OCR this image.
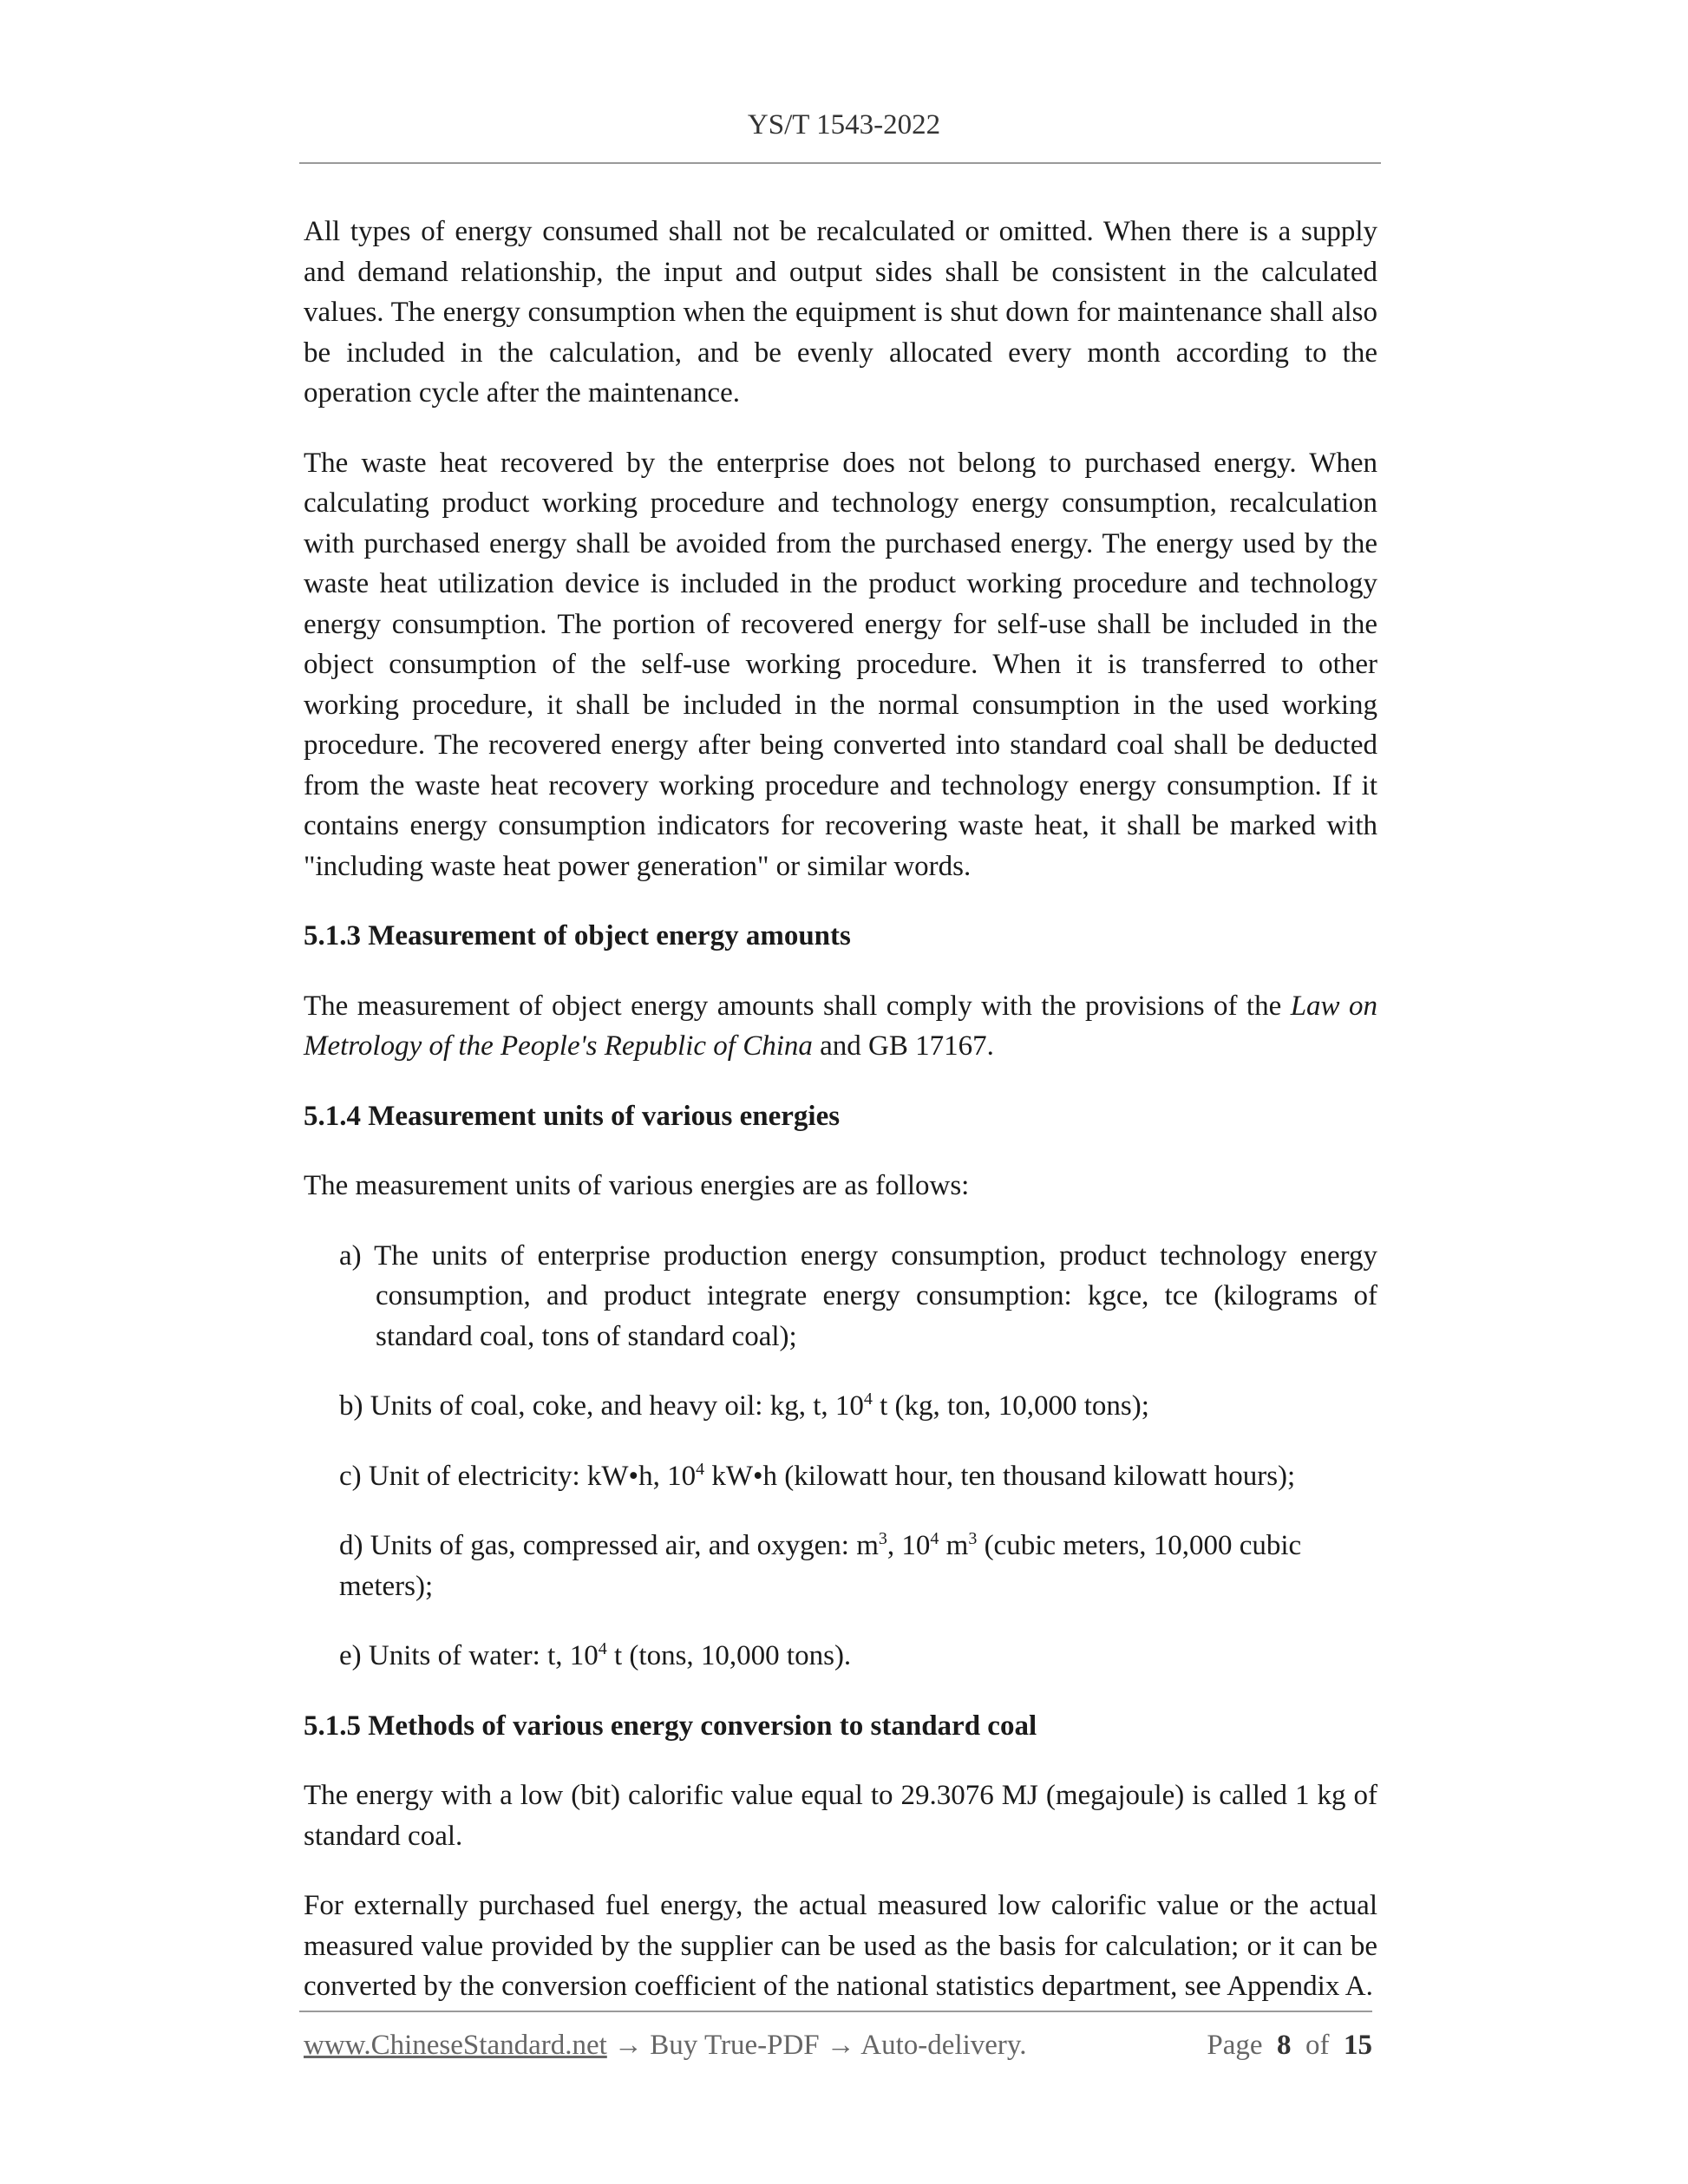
YS/T 1543-2022

All types of energy consumed shall not be recalculated or omitted. When there is a supply and demand relationship, the input and output sides shall be consistent in the calculated values. The energy consumption when the equipment is shut down for maintenance shall also be included in the calculation, and be evenly allocated every month according to the operation cycle after the maintenance.

The waste heat recovered by the enterprise does not belong to purchased energy. When calculating product working procedure and technology energy consumption, recalculation with purchased energy shall be avoided from the purchased energy. The energy used by the waste heat utilization device is included in the product working procedure and technology energy consumption. The portion of recovered energy for self-use shall be included in the object consumption of the self-use working procedure. When it is transferred to other working procedure, it shall be included in the normal consumption in the used working procedure. The recovered energy after being converted into standard coal shall be deducted from the waste heat recovery working procedure and technology energy consumption. If it contains energy consumption indicators for recovering waste heat, it shall be marked with "including waste heat power generation" or similar words.

5.1.3 Measurement of object energy amounts

The measurement of object energy amounts shall comply with the provisions of the Law on Metrology of the People's Republic of China and GB 17167.

5.1.4 Measurement units of various energies

The measurement units of various energies are as follows:

a) The units of enterprise production energy consumption, product technology energy consumption, and product integrate energy consumption: kgce, tce (kilograms of standard coal, tons of standard coal);
b) Units of coal, coke, and heavy oil: kg, t, $10^4$ t (kg, ton, 10,000 tons);
c) Unit of electricity: kW•h, $10^4$ kW•h (kilowatt hour, ten thousand kilowatt hours);
d) Units of gas, compressed air, and oxygen: $m^3$, $10^4$ $m^3$ (cubic meters, 10,000 cubic meters);
e) Units of water: t, $10^4$ t (tons, 10,000 tons).
5.1.5 Methods of various energy conversion to standard coal

The energy with a low (bit) calorific value equal to 29.3076 MJ (megajoule) is called 1 kg of standard coal.

For externally purchased fuel energy, the actual measured low calorific value or the actual measured value provided by the supplier can be used as the basis for calculation; or it can be converted by the conversion coefficient of the national statistics department, see Appendix A.

www.ChineseStandard.net → Buy True-PDF → Auto-delivery.	Page 8 of 15
